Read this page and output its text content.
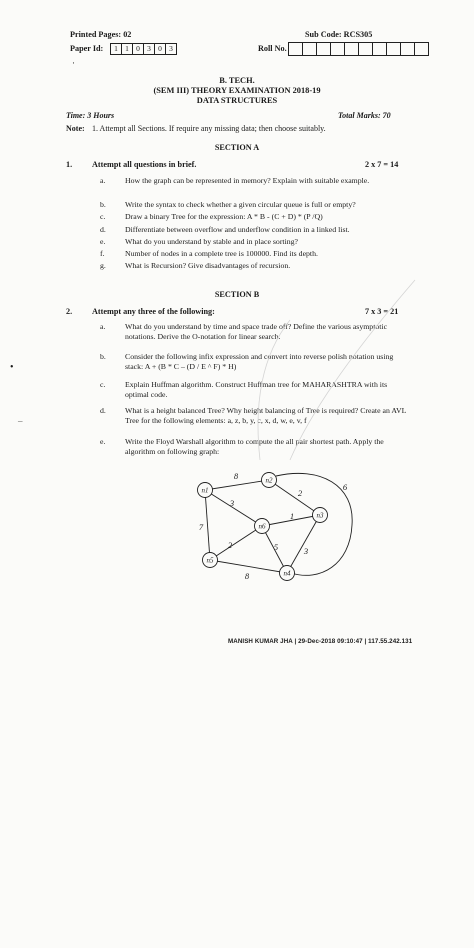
Printed Pages: 02
Paper Id:	1 1 0 3 0 3
Sub Code: RCS305
Roll No.
·
B. TECH.
(SEM III) THEORY EXAMINATION 2018-19
DATA STRUCTURES
Time: 3 Hours	Total Marks: 70
Note: 1. Attempt all Sections. If require any missing data; then choose suitably.
SECTION A
1. Attempt all questions in brief.	2 x 7 = 14
a.	How the graph can be represented in memory? Explain with suitable example.
b.	Write the syntax to check whether a given circular queue is full or empty?
c.	Draw a binary Tree for the expression: A * B - (C + D) * (P /Q)
d.	Differentiate between overflow and underflow condition in a linked list.
e.	What do you understand by stable and in place sorting?
f.	Number of nodes in a complete tree is 100000. Find its depth.
g.	What is Recursion? Give disadvantages of recursion.
SECTION B
2. Attempt any three of the following:	7 x 3 = 21
a.	What do you understand by time and space trade off? Define the various asymptotic notations. Derive the O-notation for linear search.
b.	Consider the following infix expression and convert into reverse polish notation using stack: A + (B * C – (D / E ^ F) * H)
c.	Explain Huffman algorithm. Construct Huffman tree for MAHARASHTRA with its optimal code.
d.	What is a height balanced Tree? Why height balancing of Tree is required? Create an AVL Tree for the following elements: a, z, b, y, c, x, d, w, e, v, f
e.	Write the Floyd Warshall algorithm to compute the all pair shortest path. Apply the algorithm on following graph:
•
–
n1
n2
n3
n4
n5
n6
8
2
6
3
1
7
2	5	3
8
MANISH KUMAR JHA | 29-Dec-2018 09:10:47 | 117.55.242.131
